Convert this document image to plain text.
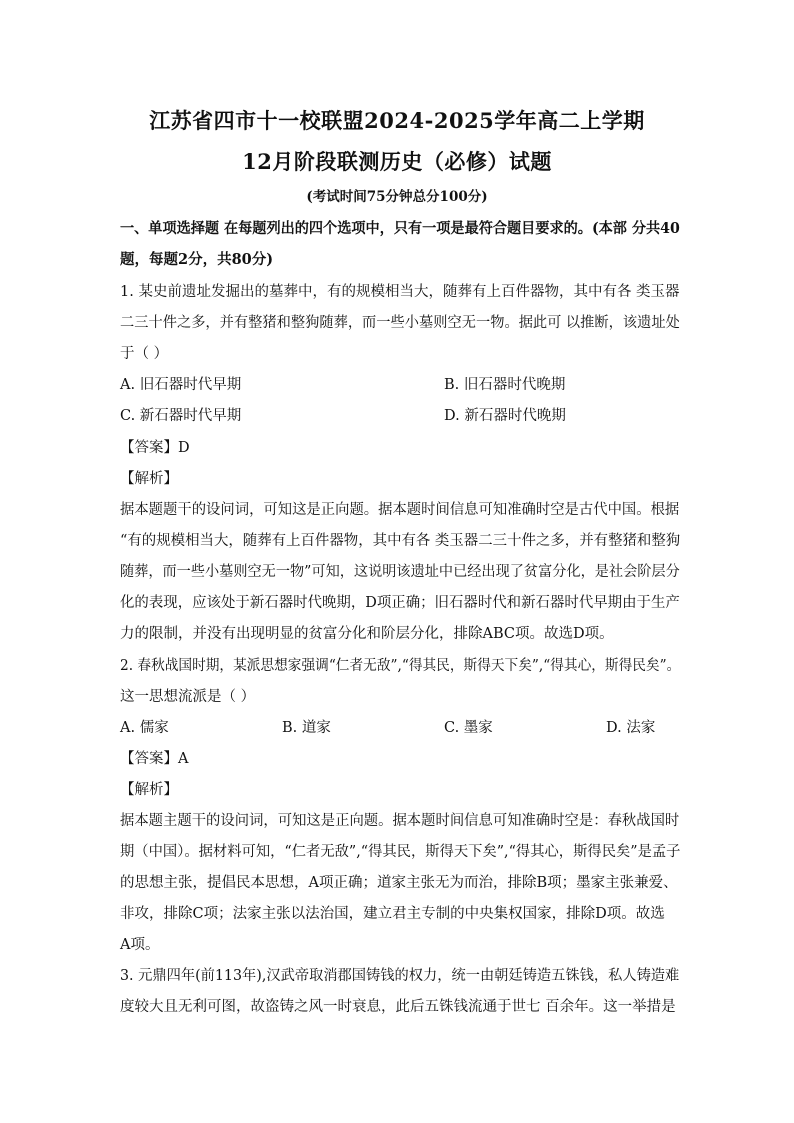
江苏省四市十一校联盟2024-2025学年高二上学期
12月阶段联测历史（必修）试题
(考试时间75分钟总分100分)
一、单项选择题 在每题列出的四个选项中，只有一项是最符合题目要求的。(本部 分共40
题，每题2分，共80分)
1. 某史前遗址发掘出的墓葬中，有的规模相当大，随葬有上百件器物，其中有各 类玉器
二三十件之多，并有整猪和整狗随葬，而一些小墓则空无一物。据此可 以推断，该遗址处
于（ ）
A. 旧石器时代早期	B. 旧石器时代晚期
C. 新石器时代早期	D. 新石器时代晚期
【答案】D
【解析】
据本题题干的设问词，可知这是正向题。据本题时间信息可知准确时空是古代中国。根据
“有的规模相当大，随葬有上百件器物，其中有各 类玉器二三十件之多，并有整猪和整狗
随葬，而一些小墓则空无一物”可知，这说明该遗址中已经出现了贫富分化，是社会阶层分
化的表现，应该处于新石器时代晚期，D项正确；旧石器时代和新石器时代早期由于生产
力的限制，并没有出现明显的贫富分化和阶层分化，排除ABC项。故选D项。
2. 春秋战国时期，某派思想家强调“仁者无敌”,“得其民，斯得天下矣”,“得其心，斯得民矣”。
这一思想流派是（ ）
A. 儒家	B. 道家	C. 墨家	D. 法家
【答案】A
【解析】
据本题主题干的设问词，可知这是正向题。据本题时间信息可知准确时空是：春秋战国时
期（中国）。据材料可知，“仁者无敌”,“得其民，斯得天下矣”,“得其心，斯得民矣”是孟子
的思想主张，提倡民本思想，A项正确；道家主张无为而治，排除B项；墨家主张兼爱、
非攻，排除C项；法家主张以法治国，建立君主专制的中央集权国家，排除D项。故选
A项。
3. 元鼎四年(前113年),汉武帝取消郡国铸钱的权力，统一由朝廷铸造五铢钱，私人铸造难
度较大且无利可图，故盗铸之风一时衰息，此后五铢钱流通于世七 百余年。这一举措是
